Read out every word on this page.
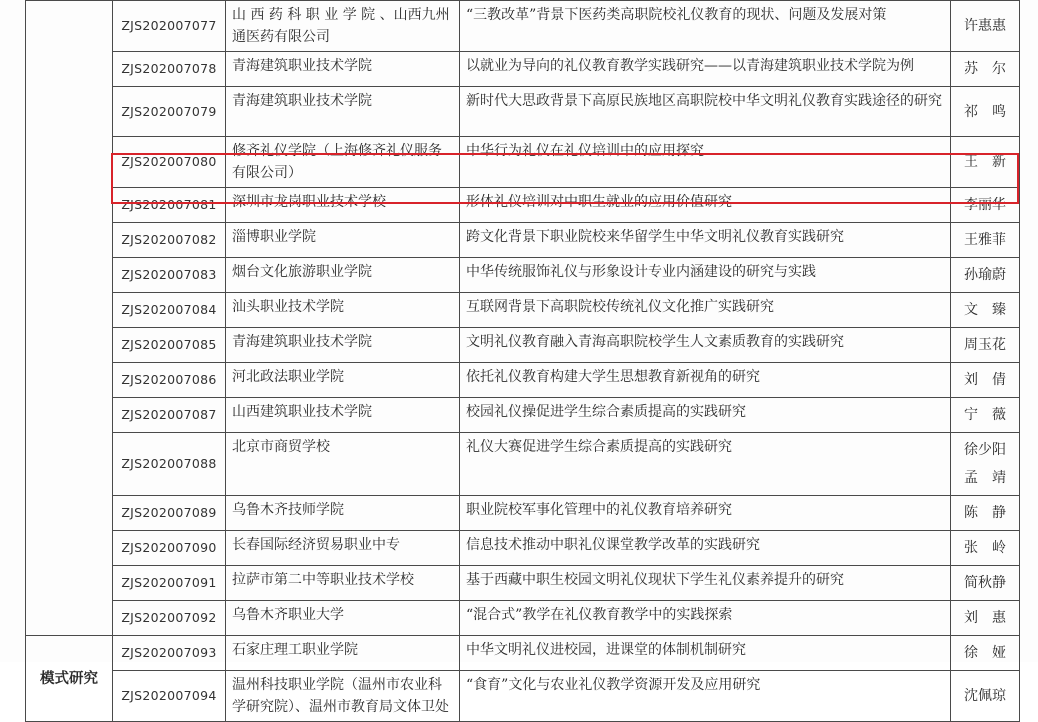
	ZJS202007077	山 西 药 科 职 业 学 院 、山西九州通医药有限公司	“三教改革”背景下医药类高职院校礼仪教育的现状、问题及发展对策	许惠惠

	ZJS202007078	青海建筑职业技术学院	以就业为导向的礼仪教育教学实践研究——以青海建筑职业技术学院为例	苏　尔

	ZJS202007079	青海建筑职业技术学院	新时代大思政背景下高原民族地区高职院校中华文明礼仪教育实践途径的研究	祁　鸣

	ZJS202007080	修齐礼仪学院（上海修齐礼仪服务有限公司）	中华行为礼仪在礼仪培训中的应用探究	王　新

	ZJS202007081	深圳市龙岗职业技术学校	形体礼仪培训对中职生就业的应用价值研究	李丽华

	ZJS202007082	淄博职业学院	跨文化背景下职业院校来华留学生中华文明礼仪教育实践研究	王雅菲

	ZJS202007083	烟台文化旅游职业学院	中华传统服饰礼仪与形象设计专业内涵建设的研究与实践	孙瑜蔚

	ZJS202007084	汕头职业技术学院	互联网背景下高职院校传统礼仪文化推广实践研究	文　臻

	ZJS202007085	青海建筑职业技术学院	文明礼仪教育融入青海高职院校学生人文素质教育的实践研究	周玉花

	ZJS202007086	河北政法职业学院	依托礼仪教育构建大学生思想教育新视角的研究	刘　倩

	ZJS202007087	山西建筑职业技术学院	校园礼仪操促进学生综合素质提高的实践研究	宁　薇

	ZJS202007088	北京市商贸学校	礼仪大赛促进学生综合素质提高的实践研究	徐少阳
孟　靖

	ZJS202007089	乌鲁木齐技师学院	职业院校军事化管理中的礼仪教育培养研究	陈　静

	ZJS202007090	长春国际经济贸易职业中专	信息技术推动中职礼仪课堂教学改革的实践研究	张　岭

	ZJS202007091	拉萨市第二中等职业技术学校	基于西藏中职生校园文明礼仪现状下学生礼仪素养提升的研究	简秋静

	ZJS202007092	乌鲁木齐职业大学	“混合式”教学在礼仪教育教学中的实践探索	刘　惠

模式研究	ZJS202007093	石家庄理工职业学院	中华文明礼仪进校园，进课堂的体制机制研究	徐　娅

	ZJS202007094	温州科技职业学院（温州市农业科学研究院）、温州市教育局文体卫处	“食育”文化与农业礼仪教学资源开发及应用研究	沈佩琼
